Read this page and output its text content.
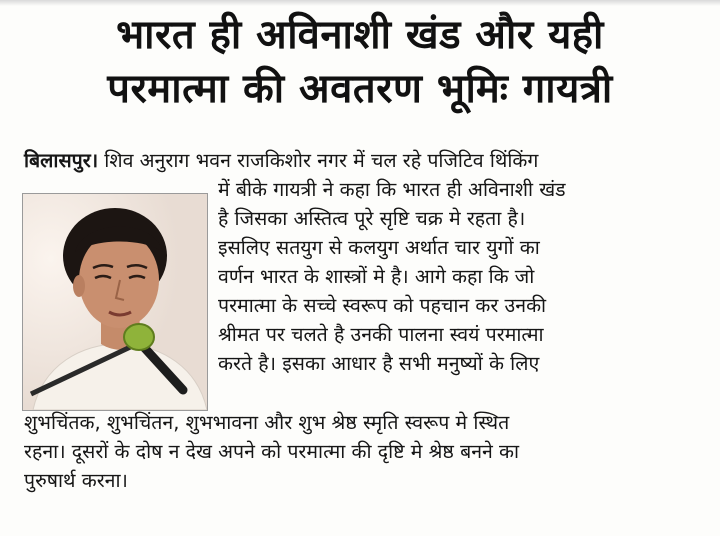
भारत ही अविनाशी खंड और यही
परमात्मा की अवतरण भूमिः गायत्री
बिलासपुर। शिव अनुराग भवन राजकिशोर नगर में चल रहे पजिटिव थिंकिंग
में बीके गायत्री ने कहा कि भारत ही अविनाशी खंड
है जिसका अस्तित्व पूरे सृष्टि चक्र मे रहता है।
इसलिए सतयुग से कलयुग अर्थात चार युगों का
वर्णन भारत के शास्त्रों मे है। आगे कहा कि जो
परमात्मा के सच्चे स्वरूप को पहचान कर उनकी
श्रीमत पर चलते है उनकी पालना स्वयं परमात्मा
करते है। इसका आधार है सभी मनुष्यों के लिए
शुभचिंतक, शुभचिंतन, शुभभावना और शुभ श्रेष्ठ स्मृति स्वरूप मे स्थित
रहना। दूसरों के दोष न देख अपने को परमात्मा की दृष्टि मे श्रेष्ठ बनने का
पुरुषार्थ करना।
